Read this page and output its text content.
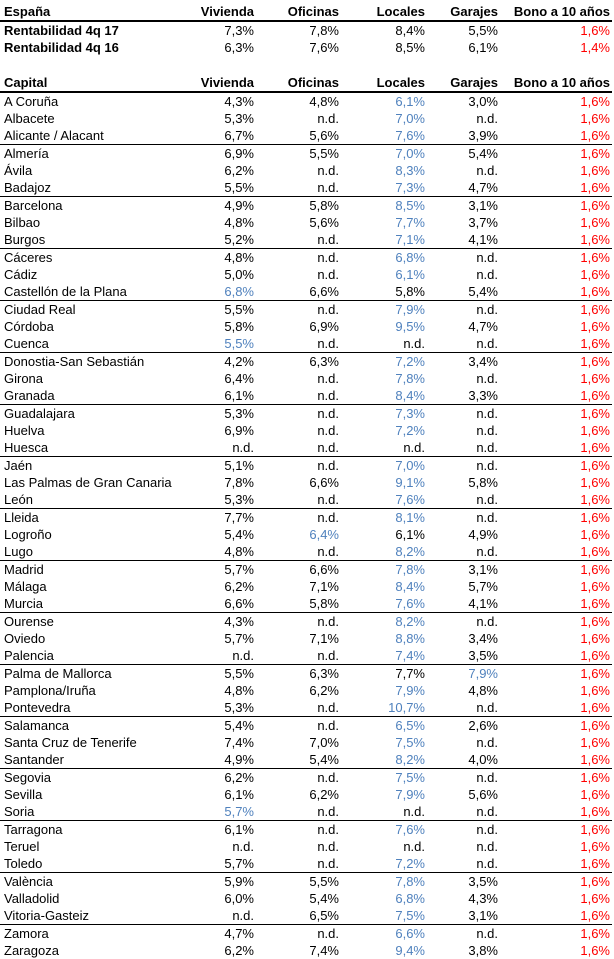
España	Vivienda	Oficinas	Locales	Garajes	Bono a 10 años
Rentabilidad 4q 17	7,3%	7,8%	8,4%	5,5%	1,6%
Rentabilidad 4q 16	6,3%	7,6%	8,5%	6,1%	1,4%
Capital	Vivienda	Oficinas	Locales	Garajes	Bono a 10 años
A Coruña	4,3%	4,8%	6,1%	3,0%	1,6%
Albacete	5,3%	n.d.	7,0%	n.d.	1,6%
Alicante / Alacant	6,7%	5,6%	7,6%	3,9%	1,6%
Almería	6,9%	5,5%	7,0%	5,4%	1,6%
Ávila	6,2%	n.d.	8,3%	n.d.	1,6%
Badajoz	5,5%	n.d.	7,3%	4,7%	1,6%
Barcelona	4,9%	5,8%	8,5%	3,1%	1,6%
Bilbao	4,8%	5,6%	7,7%	3,7%	1,6%
Burgos	5,2%	n.d.	7,1%	4,1%	1,6%
Cáceres	4,8%	n.d.	6,8%	n.d.	1,6%
Cádiz	5,0%	n.d.	6,1%	n.d.	1,6%
Castellón de la Plana	6,8%	6,6%	5,8%	5,4%	1,6%
Ciudad Real	5,5%	n.d.	7,9%	n.d.	1,6%
Córdoba	5,8%	6,9%	9,5%	4,7%	1,6%
Cuenca	5,5%	n.d.	n.d.	n.d.	1,6%
Donostia-San Sebastián	4,2%	6,3%	7,2%	3,4%	1,6%
Girona	6,4%	n.d.	7,8%	n.d.	1,6%
Granada	6,1%	n.d.	8,4%	3,3%	1,6%
Guadalajara	5,3%	n.d.	7,3%	n.d.	1,6%
Huelva	6,9%	n.d.	7,2%	n.d.	1,6%
Huesca	n.d.	n.d.	n.d.	n.d.	1,6%
Jaén	5,1%	n.d.	7,0%	n.d.	1,6%
Las Palmas de Gran Canaria	7,8%	6,6%	9,1%	5,8%	1,6%
León	5,3%	n.d.	7,6%	n.d.	1,6%
Lleida	7,7%	n.d.	8,1%	n.d.	1,6%
Logroño	5,4%	6,4%	6,1%	4,9%	1,6%
Lugo	4,8%	n.d.	8,2%	n.d.	1,6%
Madrid	5,7%	6,6%	7,8%	3,1%	1,6%
Málaga	6,2%	7,1%	8,4%	5,7%	1,6%
Murcia	6,6%	5,8%	7,6%	4,1%	1,6%
Ourense	4,3%	n.d.	8,2%	n.d.	1,6%
Oviedo	5,7%	7,1%	8,8%	3,4%	1,6%
Palencia	n.d.	n.d.	7,4%	3,5%	1,6%
Palma de Mallorca	5,5%	6,3%	7,7%	7,9%	1,6%
Pamplona/Iruña	4,8%	6,2%	7,9%	4,8%	1,6%
Pontevedra	5,3%	n.d.	10,7%	n.d.	1,6%
Salamanca	5,4%	n.d.	6,5%	2,6%	1,6%
Santa Cruz de Tenerife	7,4%	7,0%	7,5%	n.d.	1,6%
Santander	4,9%	5,4%	8,2%	4,0%	1,6%
Segovia	6,2%	n.d.	7,5%	n.d.	1,6%
Sevilla	6,1%	6,2%	7,9%	5,6%	1,6%
Soria	5,7%	n.d.	n.d.	n.d.	1,6%
Tarragona	6,1%	n.d.	7,6%	n.d.	1,6%
Teruel	n.d.	n.d.	n.d.	n.d.	1,6%
Toledo	5,7%	n.d.	7,2%	n.d.	1,6%
València	5,9%	5,5%	7,8%	3,5%	1,6%
Valladolid	6,0%	5,4%	6,8%	4,3%	1,6%
Vitoria-Gasteiz	n.d.	6,5%	7,5%	3,1%	1,6%
Zamora	4,7%	n.d.	6,6%	n.d.	1,6%
Zaragoza	6,2%	7,4%	9,4%	3,8%	1,6%
